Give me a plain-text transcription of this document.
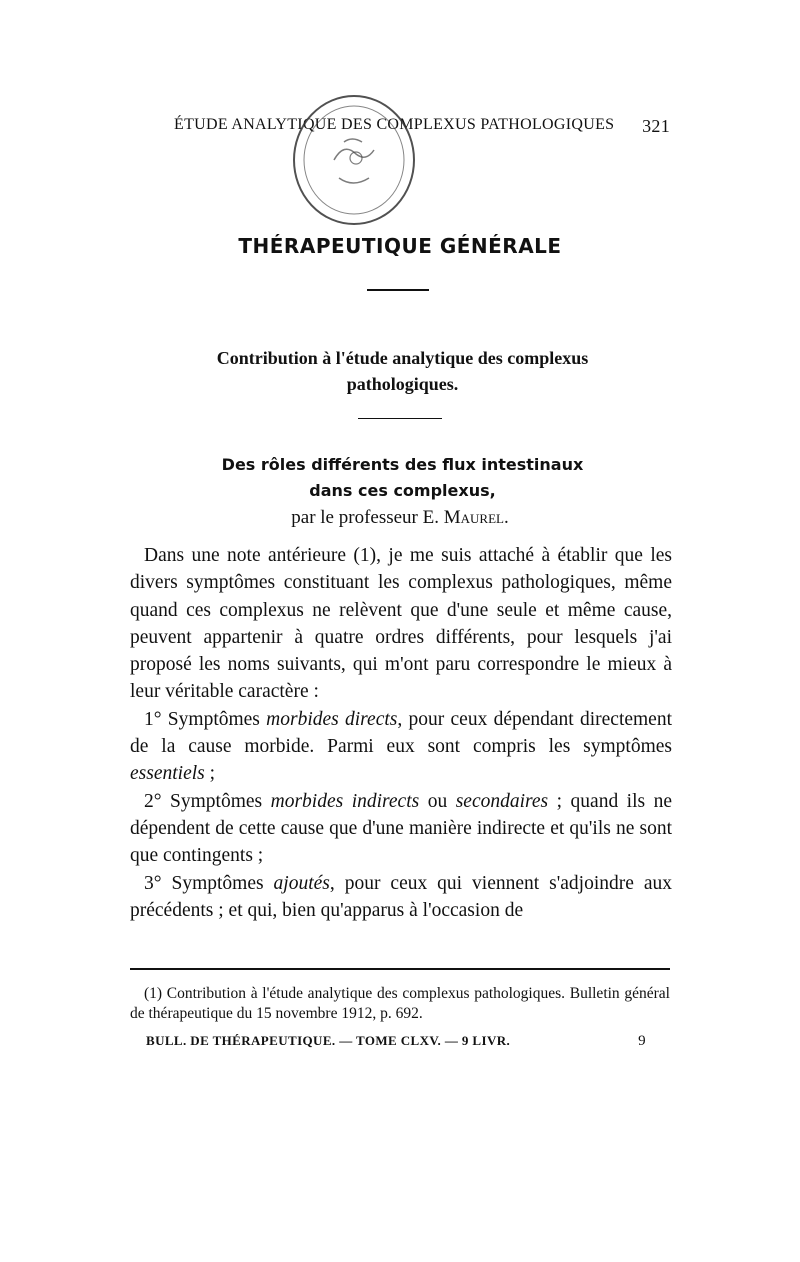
ÉTUDE ANALYTIQUE DES COMPLEXUS PATHOLOGIQUES 321
THÉRAPEUTIQUE GÉNÉRALE
Contribution à l'étude analytique des complexus
pathologiques.
Des rôles différents des flux intestinaux
dans ces complexus,
par le professeur E. Maurel.

Dans une note antérieure (1), je me suis attaché à établir que les divers symptômes constituant les complexus pathologiques, même quand ces complexus ne relèvent que d'une seule et même cause, peuvent appartenir à quatre ordres différents, pour lesquels j'ai proposé les noms suivants, qui m'ont paru correspondre le mieux à leur véritable caractère :

1° Symptômes morbides directs, pour ceux dépendant directement de la cause morbide. Parmi eux sont compris les symptômes essentiels ;

2° Symptômes morbides indirects ou secondaires ; quand ils ne dépendent de cette cause que d'une manière indirecte et qu'ils ne sont que contingents ;

3° Symptômes ajoutés, pour ceux qui viennent s'adjoindre aux précédents ; et qui, bien qu'apparus à l'occasion de

(1) Contribution à l'étude analytique des complexus pathologiques. Bulletin général de thérapeutique du 15 novembre 1912, p. 692.

BULL. DE THÉRAPEUTIQUE. — TOME CLXV. — 9 LIVR.	9
